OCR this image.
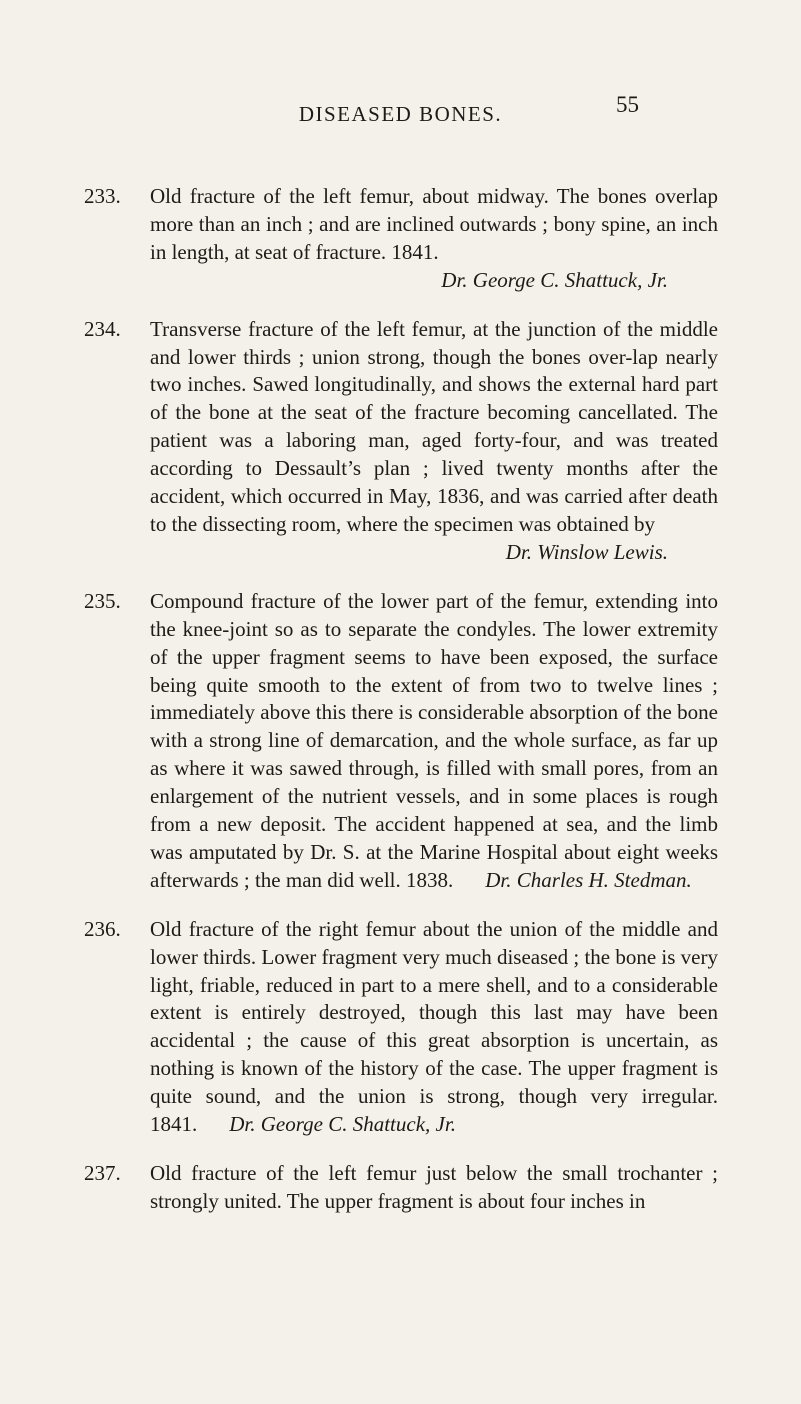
DISEASED BONES.	55

233. Old fracture of the left femur, about midway. The bones overlap more than an inch ; and are inclined outwards ; bony spine, an inch in length, at seat of fracture. 1841.
Dr. George C. Shattuck, Jr.

234. Transverse fracture of the left femur, at the junction of the middle and lower thirds ; union strong, though the bones over-lap nearly two inches. Sawed longitudinally, and shows the external hard part of the bone at the seat of the fracture becoming cancellated. The patient was a laboring man, aged forty-four, and was treated according to Dessault’s plan ; lived twenty months after the accident, which occurred in May, 1836, and was carried after death to the dissecting room, where the specimen was obtained by
Dr. Winslow Lewis.

235. Compound fracture of the lower part of the femur, extending into the knee-joint so as to separate the condyles. The lower extremity of the upper fragment seems to have been exposed, the surface being quite smooth to the extent of from two to twelve lines ; immediately above this there is considerable absorption of the bone with a strong line of demarcation, and the whole surface, as far up as where it was sawed through, is filled with small pores, from an enlargement of the nutrient vessels, and in some places is rough from a new deposit. The accident happened at sea, and the limb was amputated by Dr. S. at the Marine Hospital about eight weeks afterwards ; the man did well. 1838. Dr. Charles H. Stedman.

236. Old fracture of the right femur about the union of the middle and lower thirds. Lower fragment very much diseased ; the bone is very light, friable, reduced in part to a mere shell, and to a considerable extent is entirely destroyed, though this last may have been accidental ; the cause of this great absorption is uncertain, as nothing is known of the history of the case. The upper fragment is quite sound, and the union is strong, though very irregular. 1841. Dr. George C. Shattuck, Jr.

237. Old fracture of the left femur just below the small trochanter ; strongly united. The upper fragment is about four inches in
